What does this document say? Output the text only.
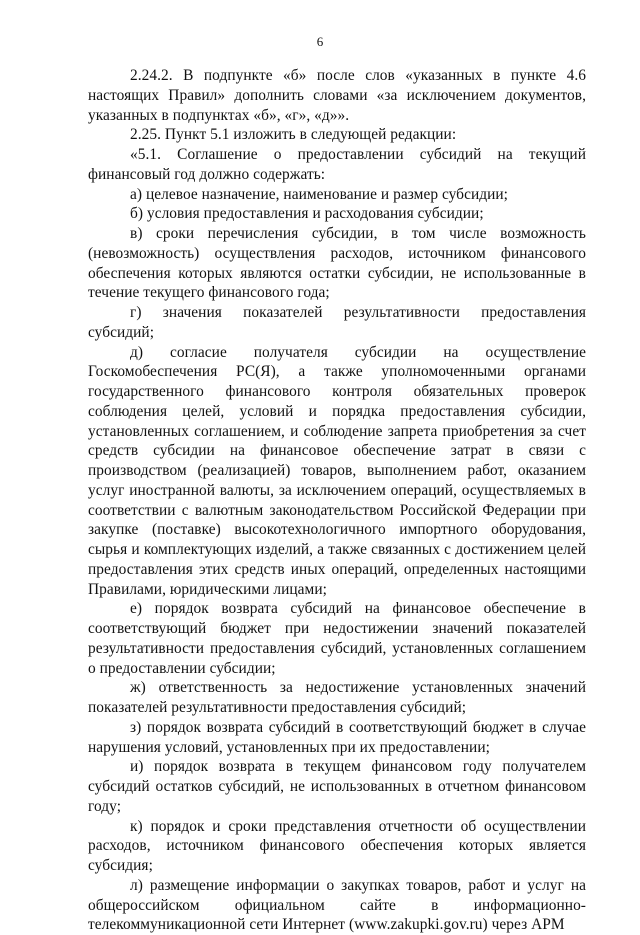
6

2.24.2. В подпункте «б» после слов «указанных в пункте 4.6 настоящих Правил» дополнить словами «за исключением документов, указанных в подпунктах «б», «г», «д»».

2.25. Пункт 5.1 изложить в следующей редакции:

«5.1. Соглашение о предоставлении субсидий на текущий финансовый год должно содержать:

а) целевое назначение, наименование и размер субсидии;

б) условия предоставления и расходования субсидии;

в) сроки перечисления субсидии, в том числе возможность (невозможность) осуществления расходов, источником финансового обеспечения которых являются остатки субсидии, не использованные в течение текущего финансового года;

г) значения показателей результативности предоставления субсидий;

д) согласие получателя субсидии на осуществление Госкомобеспечения РС(Я), а также уполномоченными органами государственного финансового контроля обязательных проверок соблюдения целей, условий и порядка предоставления субсидии, установленных соглашением, и соблюдение запрета приобретения за счет средств субсидии на финансовое обеспечение затрат в связи с производством (реализацией) товаров, выполнением работ, оказанием услуг иностранной валюты, за исключением операций, осуществляемых в соответствии с валютным законодательством Российской Федерации при закупке (поставке) высокотехнологичного импортного оборудования, сырья и комплектующих изделий, а также связанных с достижением целей предоставления этих средств иных операций, определенных настоящими Правилами, юридическими лицами;

е) порядок возврата субсидий на финансовое обеспечение в соответствующий бюджет при недостижении значений показателей результативности предоставления субсидий, установленных соглашением о предоставлении субсидии;

ж) ответственность за недостижение установленных значений показателей результативности предоставления субсидий;

з) порядок возврата субсидий в соответствующий бюджет в случае нарушения условий, установленных при их предоставлении;

и) порядок возврата в текущем финансовом году получателем субсидий остатков субсидий, не использованных в отчетном финансовом году;

к) порядок и сроки представления отчетности об осуществлении расходов, источником финансового обеспечения которых является субсидия;

л) размещение информации о закупках товаров, работ и услуг на общероссийском официальном сайте в информационно-телекоммуникационной сети Интернет (www.zakupki.gov.ru) через АРМ
